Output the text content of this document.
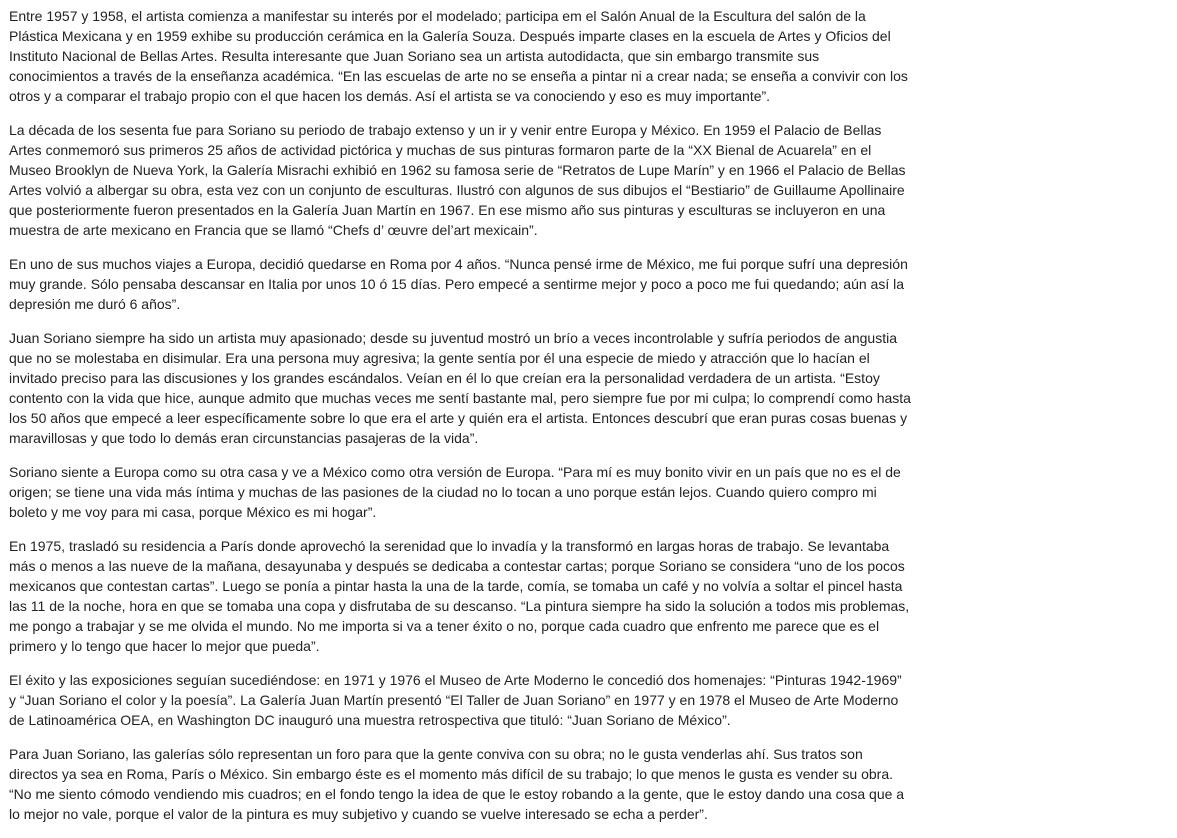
Entre 1957 y 1958, el artista comienza a manifestar su interés por el modelado; participa em el Salón Anual de la Escultura del salón de la Plástica Mexicana y en 1959 exhibe su producción cerámica en la Galería Souza. Después imparte clases en la escuela de Artes y Oficios del Instituto Nacional de Bellas Artes. Resulta interesante que Juan Soriano sea un artista autodidacta, que sin embargo transmite sus conocimientos a través de la enseñanza académica. “En las escuelas de arte no se enseña a pintar ni a crear nada; se enseña a convivir con los otros y a comparar el trabajo propio con el que hacen los demás. Así el artista se va conociendo y eso es muy importante”.

La década de los sesenta fue para Soriano su periodo de trabajo extenso y un ir y venir entre Europa y México. En 1959 el Palacio de Bellas Artes conmemoró sus primeros 25 años de actividad pictórica y muchas de sus pinturas formaron parte de la “XX Bienal de Acuarela” en el Museo Brooklyn de Nueva York, la Galería Misrachi exhibió en 1962 su famosa serie de “Retratos de Lupe Marín” y en 1966 el Palacio de Bellas Artes volvió a albergar su obra, esta vez con un conjunto de esculturas. Ilustró con algunos de sus dibujos el “Bestiario” de Guillaume Apollinaire que posteriormente fueron presentados en la Galería Juan Martín en 1967. En ese mismo año sus pinturas y esculturas se incluyeron en una muestra de arte mexicano en Francia que se llamó “Chefs d’ œuvre del’art mexicain”.

En uno de sus muchos viajes a Europa, decidió quedarse en Roma por 4 años. “Nunca pensé irme de México, me fui porque sufrí una depresión muy grande. Sólo pensaba descansar en Italia por unos 10 ó 15 días. Pero empecé a sentirme mejor y poco a poco me fui quedando; aún así la depresión me duró 6 años”.

Juan Soriano siempre ha sido un artista muy apasionado; desde su juventud mostró un brío a veces incontrolable y sufría periodos de angustia que no se molestaba en disimular. Era una persona muy agresiva; la gente sentía por él una especie de miedo y atracción que lo hacían el invitado preciso para las discusiones y los grandes escándalos. Veían en él lo que creían era la personalidad verdadera de un artista. “Estoy contento con la vida que hice, aunque admito que muchas veces me sentí bastante mal, pero siempre fue por mi culpa; lo comprendí como hasta los 50 años que empecé a leer específicamente sobre lo que era el arte y quién era el artista. Entonces descubrí que eran puras cosas buenas y maravillosas y que todo lo demás eran circunstancias pasajeras de la vida”.

Soriano siente a Europa como su otra casa y ve a México como otra versión de Europa. “Para mí es muy bonito vivir en un país que no es el de origen; se tiene una vida más íntima y muchas de las pasiones de la ciudad no lo tocan a uno porque están lejos. Cuando quiero compro mi boleto y me voy para mi casa, porque México es mi hogar”.

En 1975, trasladó su residencia a París donde aprovechó la serenidad que lo invadía y la transformó en largas horas de trabajo. Se levantaba más o menos a las nueve de la mañana, desayunaba y después se dedicaba a contestar cartas; porque Soriano se considera “uno de los pocos mexicanos que contestan cartas”. Luego se ponía a pintar hasta la una de la tarde, comía, se tomaba un café y no volvía a soltar el pincel hasta las 11 de la noche, hora en que se tomaba una copa y disfrutaba de su descanso. “La pintura siempre ha sido la solución a todos mis problemas, me pongo a trabajar y se me olvida el mundo. No me importa si va a tener éxito o no, porque cada cuadro que enfrento me parece que es el primero y lo tengo que hacer lo mejor que pueda”.

El éxito y las exposiciones seguían sucediéndose: en 1971 y 1976 el Museo de Arte Moderno le concedió dos homenajes: “Pinturas 1942-1969” y “Juan Soriano el color y la poesía”. La Galería Juan Martín presentó “El Taller de Juan Soriano” en 1977 y en 1978 el Museo de Arte Moderno de Latinoamérica OEA, en Washington DC inauguró una muestra retrospectiva que tituló: “Juan Soriano de México”.

Para Juan Soriano, las galerías sólo representan un foro para que la gente conviva con su obra; no le gusta venderlas ahí. Sus tratos son directos ya sea en Roma, París o México. Sin embargo éste es el momento más difícil de su trabajo; lo que menos le gusta es vender su obra. “No me siento cómodo vendiendo mis cuadros; en el fondo tengo la idea de que le estoy robando a la gente, que le estoy dando una cosa que a lo mejor no vale, porque el valor de la pintura es muy subjetivo y cuando se vuelve interesado se echa a perder”.
